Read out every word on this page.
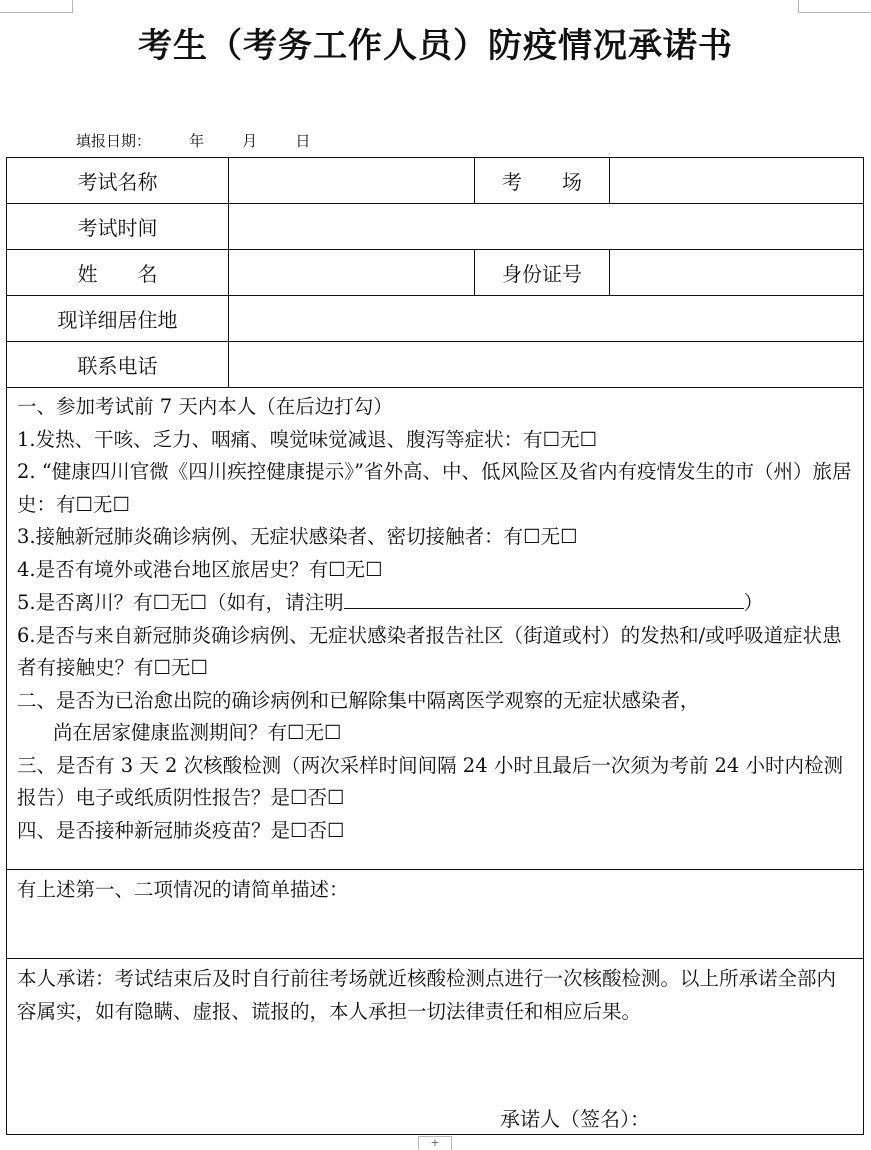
考生（考务工作人员）防疫情况承诺书
填报日期：        年        月        日
考试名称	考　　场
考试时间
姓　　名	身份证号
现详细居住地
联系电话

一、参加考试前 7 天内本人（在后边打勾）

1.发热、干咳、乏力、咽痛、嗅觉味觉减退、腹泻等症状：有☐无☐

2. “健康四川官微《四川疾控健康提示》”省外高、中、低风险区及省内有疫情发生的市（州）旅居史：有☐无☐

3.接触新冠肺炎确诊病例、无症状感染者、密切接触者：有☐无☐

4.是否有境外或港台地区旅居史？有☐无☐

5.是否离川？有☐无☐（如有，请注明	）

6.是否与来自新冠肺炎确诊病例、无症状感染者报告社区（街道或村）的发热和/或呼吸道症状患者有接触史？有☐无☐

二、是否为已治愈出院的确诊病例和已解除集中隔离医学观察的无症状感染者，

尚在居家健康监测期间？有☐无☐

三、是否有 3 天 2 次核酸检测（两次采样时间间隔 24 小时且最后一次须为考前 24 小时内检测报告）电子或纸质阴性报告？是☐否☐

四、是否接种新冠肺炎疫苗？是☐否☐

有上述第一、二项情况的请简单描述：

本人承诺：考试结束后及时自行前往考场就近核酸检测点进行一次核酸检测。以上所承诺全部内容属实，如有隐瞒、虚报、谎报的，本人承担一切法律责任和相应后果。

承诺人（签名）：
+
